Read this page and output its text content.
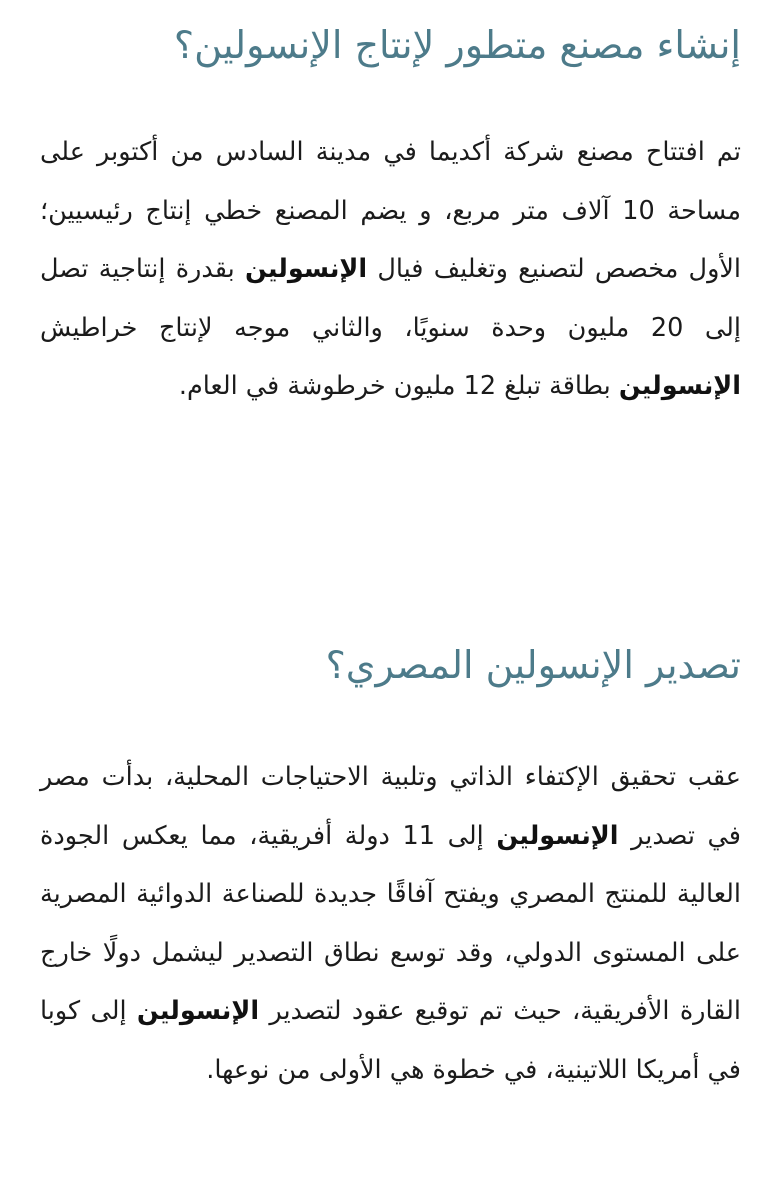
إنشاء مصنع متطور لإنتاج الإنسولين؟

تم افتتاح مصنع شركة أكديما في مدينة السادس من أكتوبر على مساحة 10 آلاف متر مربع، و يضم المصنع خطي إنتاج رئيسيين؛ الأول مخصص لتصنيع وتغليف فيال الإنسولين بقدرة إنتاجية تصل إلى 20 مليون وحدة سنويًا، والثاني موجه لإنتاج خراطيش الإنسولين بطاقة تبلغ 12 مليون خرطوشة في العام.

تصدير الإنسولين المصري؟

عقب تحقيق الإكتفاء الذاتي وتلبية الاحتياجات المحلية، بدأت مصر في تصدير الإنسولين إلى 11 دولة أفريقية، مما يعكس الجودة العالية للمنتج المصري ويفتح آفاقًا جديدة للصناعة الدوائية المصرية على المستوى الدولي، وقد توسع نطاق التصدير ليشمل دولًا خارج القارة الأفريقية، حيث تم توقيع عقود لتصدير الإنسولين إلى كوبا في أمريكا اللاتينية، في خطوة هي الأولى من نوعها.
